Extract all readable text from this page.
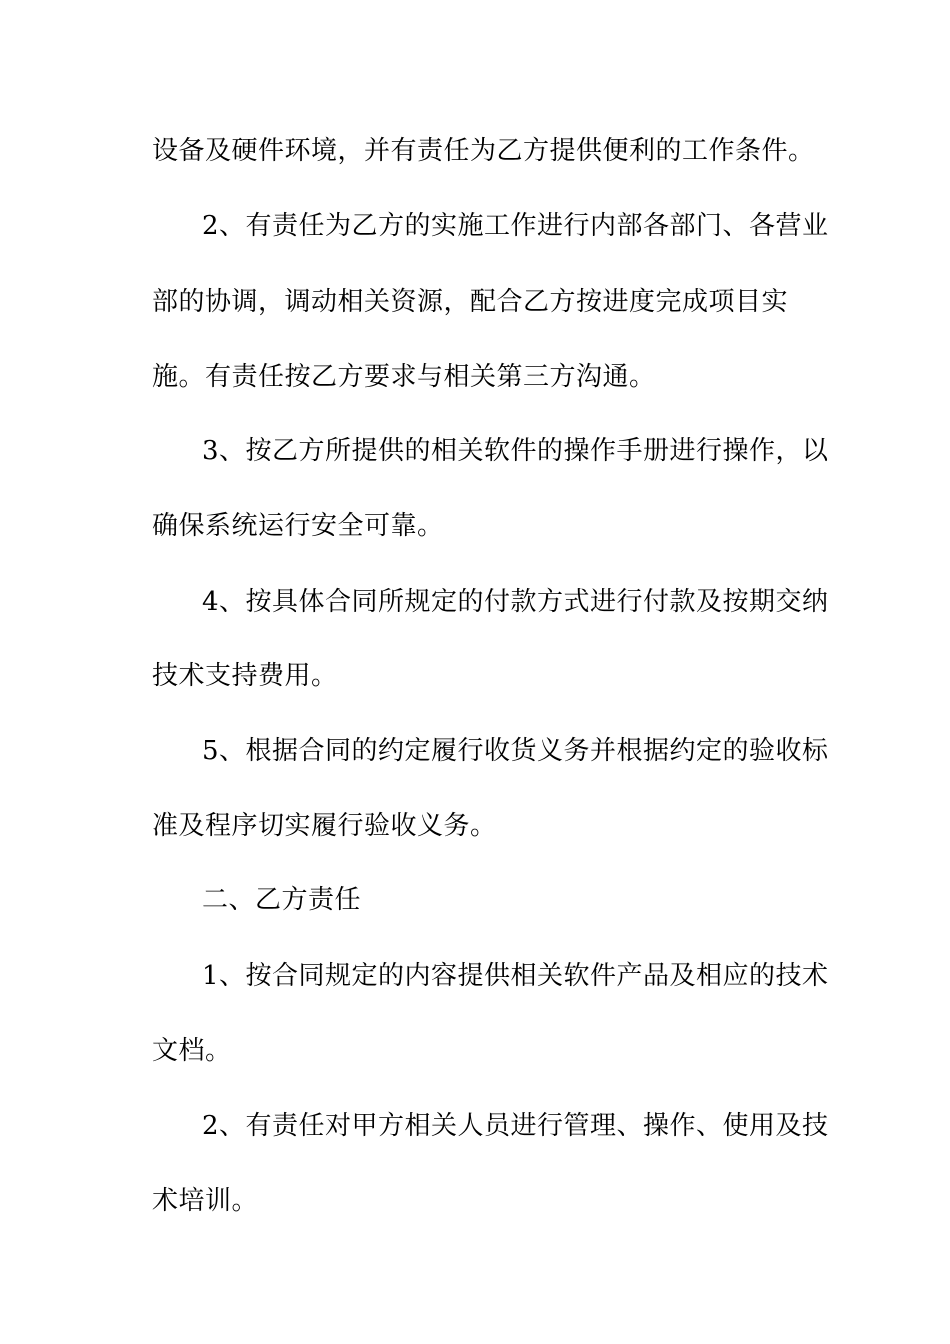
设备及硬件环境，并有责任为乙方提供便利的工作条件。
2、有责任为乙方的实施工作进行内部各部门、各营业
部的协调，调动相关资源，配合乙方按进度完成项目实
施。有责任按乙方要求与相关第三方沟通。
3、按乙方所提供的相关软件的操作手册进行操作，以
确保系统运行安全可靠。
4、按具体合同所规定的付款方式进行付款及按期交纳
技术支持费用。
5、根据合同的约定履行收货义务并根据约定的验收标
准及程序切实履行验收义务。
二、乙方责任
1、按合同规定的内容提供相关软件产品及相应的技术
文档。
2、有责任对甲方相关人员进行管理、操作、使用及技
术培训。
